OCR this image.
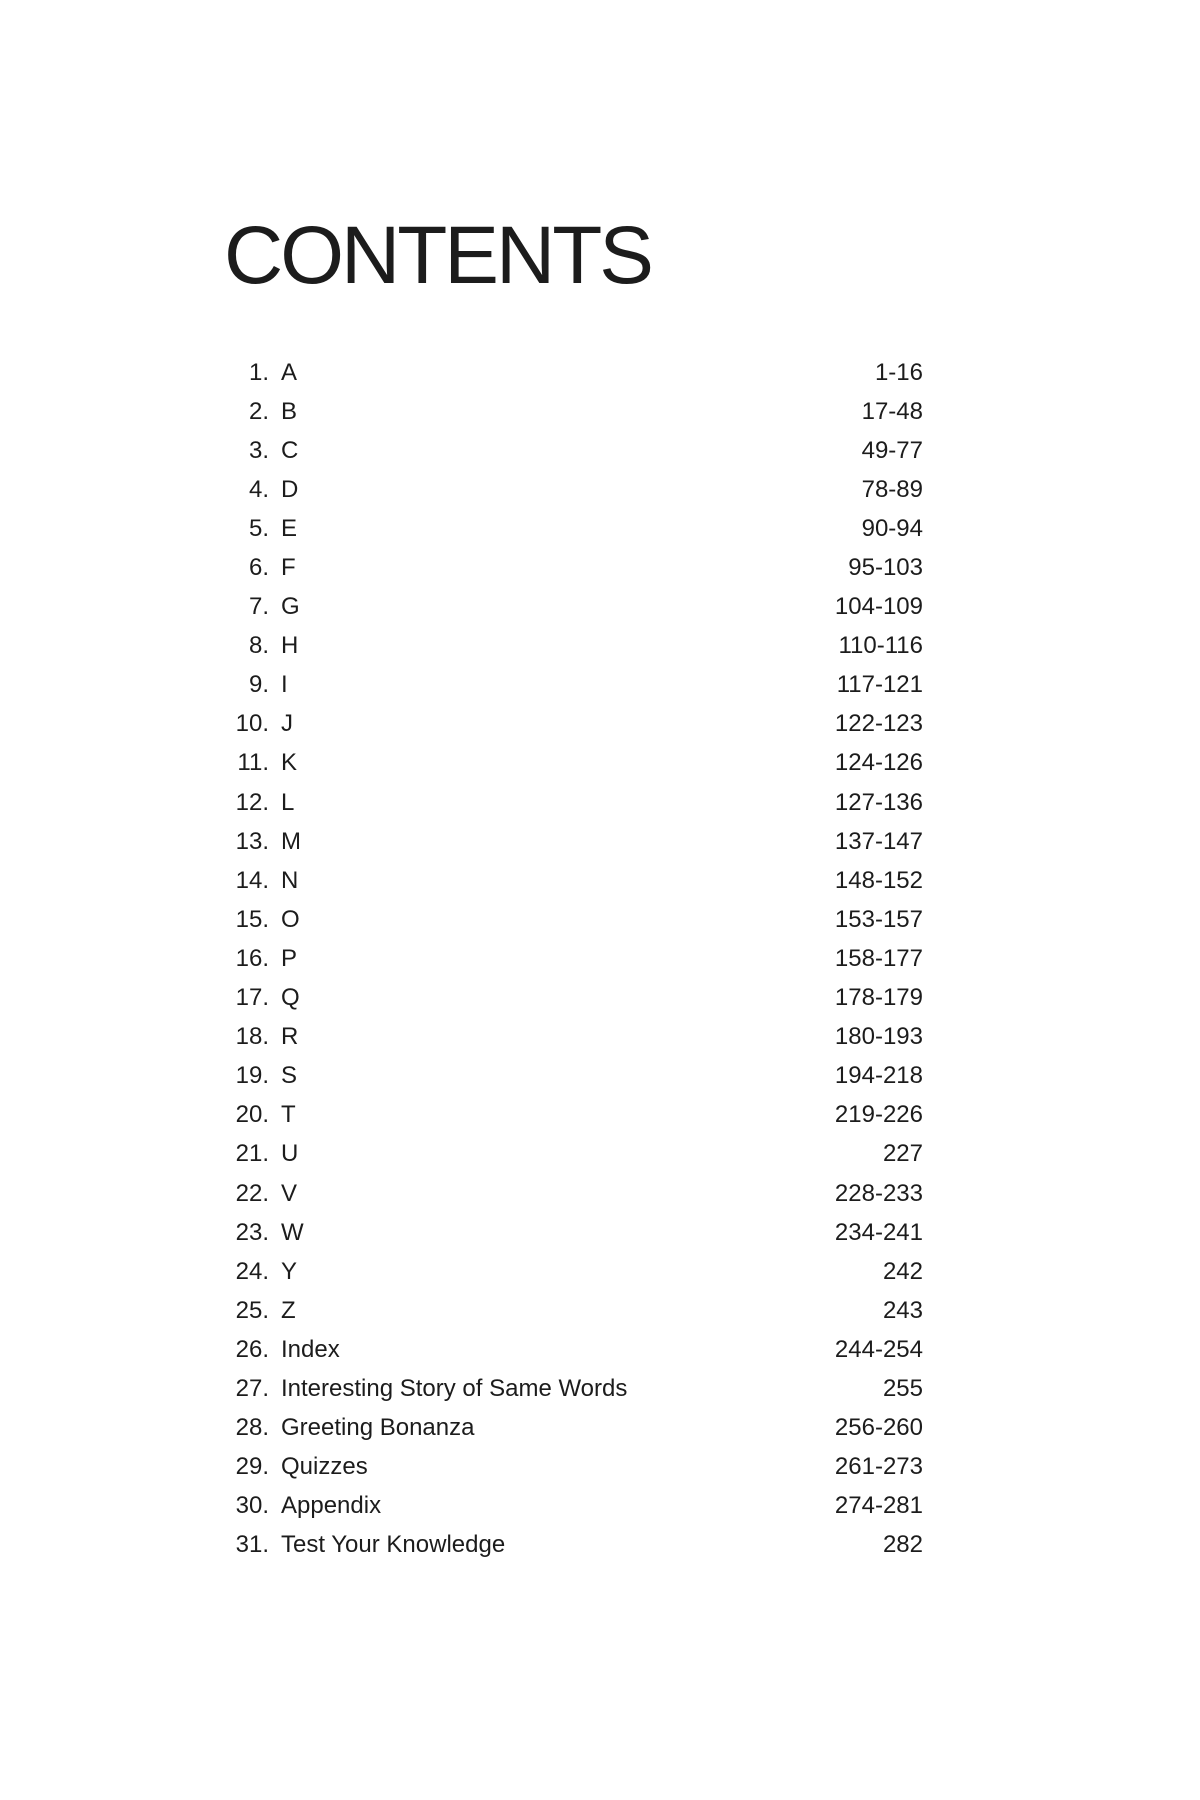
CONTENTS
1. A	1-16
2. B	17-48
3. C	49-77
4. D	78-89
5. E	90-94
6. F	95-103
7. G	104-109
8. H	110-116
9. I	117-121
10. J	122-123
11. K	124-126
12. L	127-136
13. M	137-147
14. N	148-152
15. O	153-157
16. P	158-177
17. Q	178-179
18. R	180-193
19. S	194-218
20. T	219-226
21. U	227
22. V	228-233
23. W	234-241
24. Y	242
25. Z	243
26. Index	244-254
27. Interesting Story of Same Words	255
28. Greeting Bonanza	256-260
29. Quizzes	261-273
30. Appendix	274-281
31. Test Your Knowledge	282
